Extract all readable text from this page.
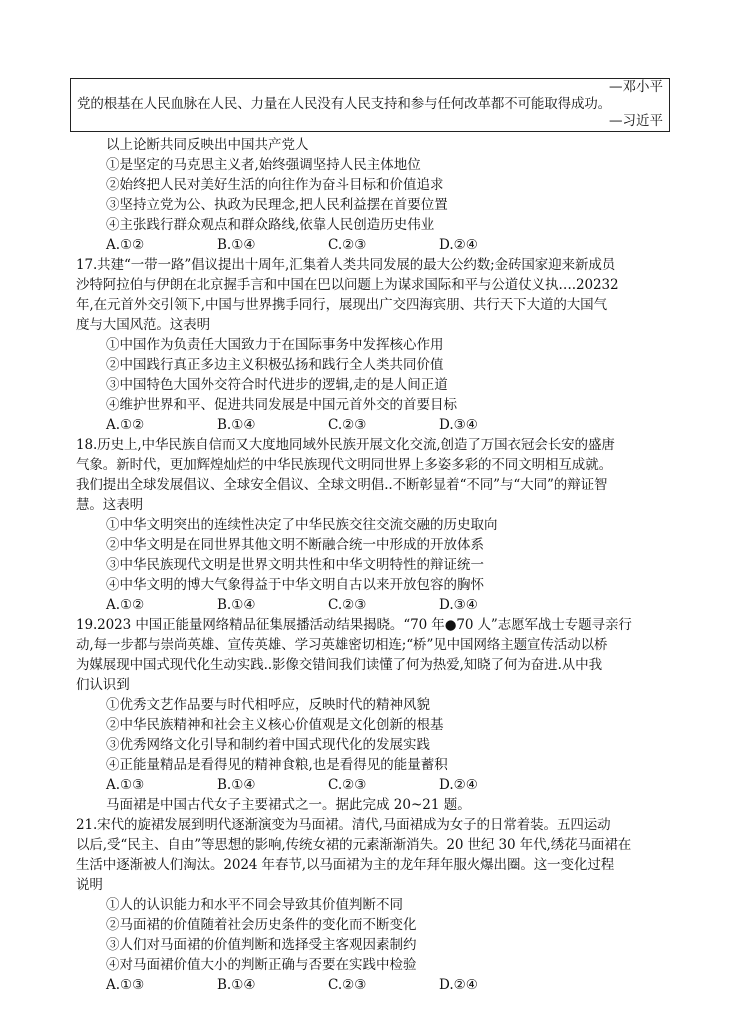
—邓小平
党的根基在人民血脉在人民、力量在人民没有人民支持和参与任何改革都不可能取得成功。
—习近平
以上论断共同反映出中国共产党人
①是坚定的马克思主义者,始终强调坚持人民主体地位
②始终把人民对美好生活的向往作为奋斗目标和价值追求
③坚持立党为公、执政为民理念,把人民利益摆在首要位置
④主张践行群众观点和群众路线,依靠人民创造历史伟业
A.①②	B.①④	C.②③	D.②④
17.共建“一带一路”倡议提出十周年,汇集着人类共同发展的最大公约数;金砖国家迎来新成员
沙特阿拉伯与伊朗在北京握手言和中国在巴以问题上为谋求国际和平与公道仗义执….20232
年,在元首外交引领下,中国与世界携手同行，展现出广交四海宾朋、共行天下大道的大国气
度与大国风范。这表明
①中国作为负责任大国致力于在国际事务中发挥核心作用
②中国践行真正多边主义积极弘扬和践行全人类共同价值
③中国特色大国外交符合时代进步的逻辑,走的是人间正道
④维护世界和平、促进共同发展是中国元首外交的首要目标
A.①②	B.①④	C.②③	D.③④
18.历史上,中华民族自信而又大度地同域外民族开展文化交流,创造了万国衣冠会长安的盛唐
气象。新时代，更加辉煌灿烂的中华民族现代文明同世界上多姿多彩的不同文明相互成就。
我们提出全球发展倡议、全球安全倡议、全球文明倡..不断彰显着“不同”与“大同”的辩证智
慧。这表明
①中华文明突出的连续性决定了中华民族交往交流交融的历史取向
②中华文明是在同世界其他文明不断融合统一中形成的开放体系
③中华民族现代文明是世界文明共性和中华文明特性的辩证统一
④中华文明的博大气象得益于中华文明自古以来开放包容的胸怀
A.①②	B.①④	C.②③	D.③④
19.2023 中国正能量网络精品征集展播活动结果揭晓。“70 年●70 人”志愿军战士专题寻亲行
动,每一步都与崇尚英雄、宣传英雄、学习英雄密切相连;“桥”见中国网络主题宣传活动以桥
为媒展现中国式现代化生动实践..影像交错间我们读懂了何为热爱,知晓了何为奋进.从中我
们认识到
①优秀文艺作品要与时代相呼应，反映时代的精神风貌
②中华民族精神和社会主义核心价值观是文化创新的根基
③优秀网络文化引导和制约着中国式现代化的发展实践
④正能量精品是看得见的精神食粮,也是看得见的能量蓄积
A.①③	B.①④	C.②③	D.②④
马面裙是中国古代女子主要裙式之一。据此完成 20~21 题。
21.宋代的旋裙发展到明代逐渐演变为马面裙。清代,马面裙成为女子的日常着装。五四运动
以后,受“民主、自由”等思想的影响,传统女裙的元素渐渐消失。20 世纪 30 年代,绣花马面裙在
生活中逐渐被人们淘汰。2024 年春节,以马面裙为主的龙年拜年服火爆出圈。这一变化过程
说明
①人的认识能力和水平不同会导致其价值判断不同
②马面裙的价值随着社会历史条件的变化而不断变化
③人们对马面裙的价值判断和选择受主客观因素制约
④对马面裙价值大小的判断正确与否要在实践中检验
A.①③	B.①④	C.②③	D.②④
